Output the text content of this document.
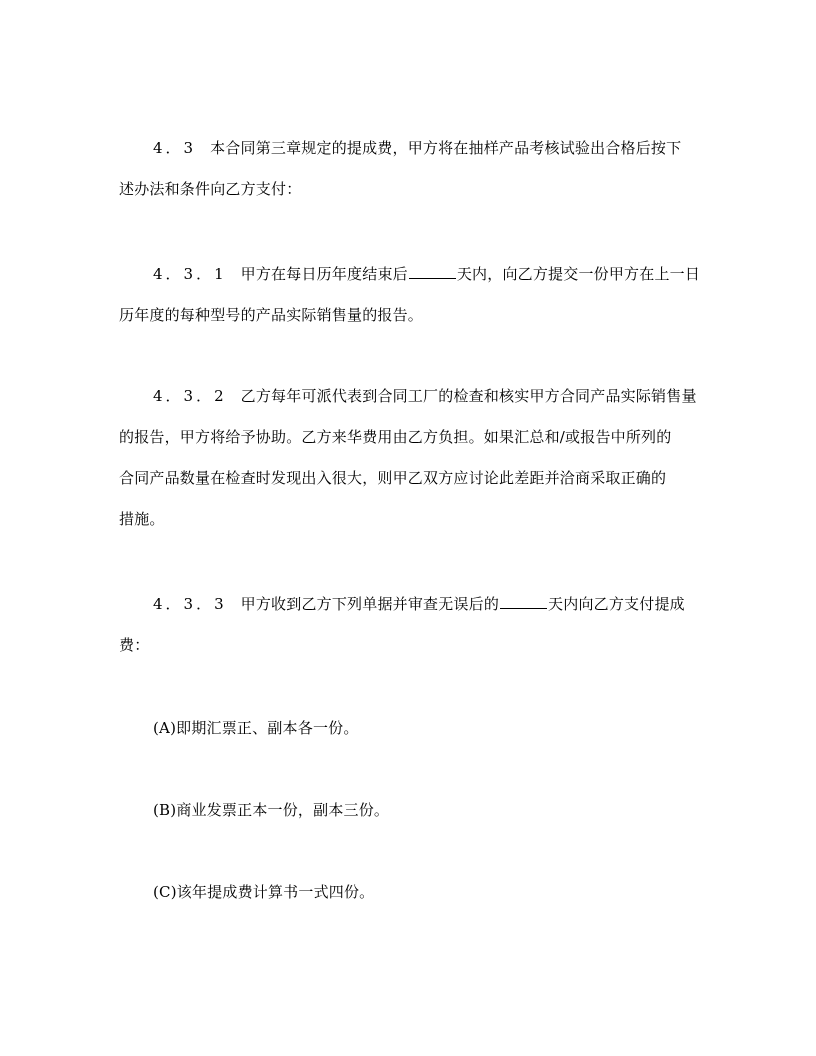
4．3 本合同第三章规定的提成费，甲方将在抽样产品考核试验出合格后按下
述办法和条件向乙方支付：
4．3．1 甲方在每日历年度结束后	天内，向乙方提交一份甲方在上一日
历年度的每种型号的产品实际销售量的报告。
4．3．2 乙方每年可派代表到合同工厂的检查和核实甲方合同产品实际销售量
的报告，甲方将给予协助。乙方来华费用由乙方负担。如果汇总和/或报告中所列的
合同产品数量在检查时发现出入很大，则甲乙双方应讨论此差距并洽商采取正确的
措施。
4．3．3 甲方收到乙方下列单据并审查无误后的	天内向乙方支付提成
费：
(A)即期汇票正、副本各一份。
(B)商业发票正本一份，副本三份。
(C)该年提成费计算书一式四份。
